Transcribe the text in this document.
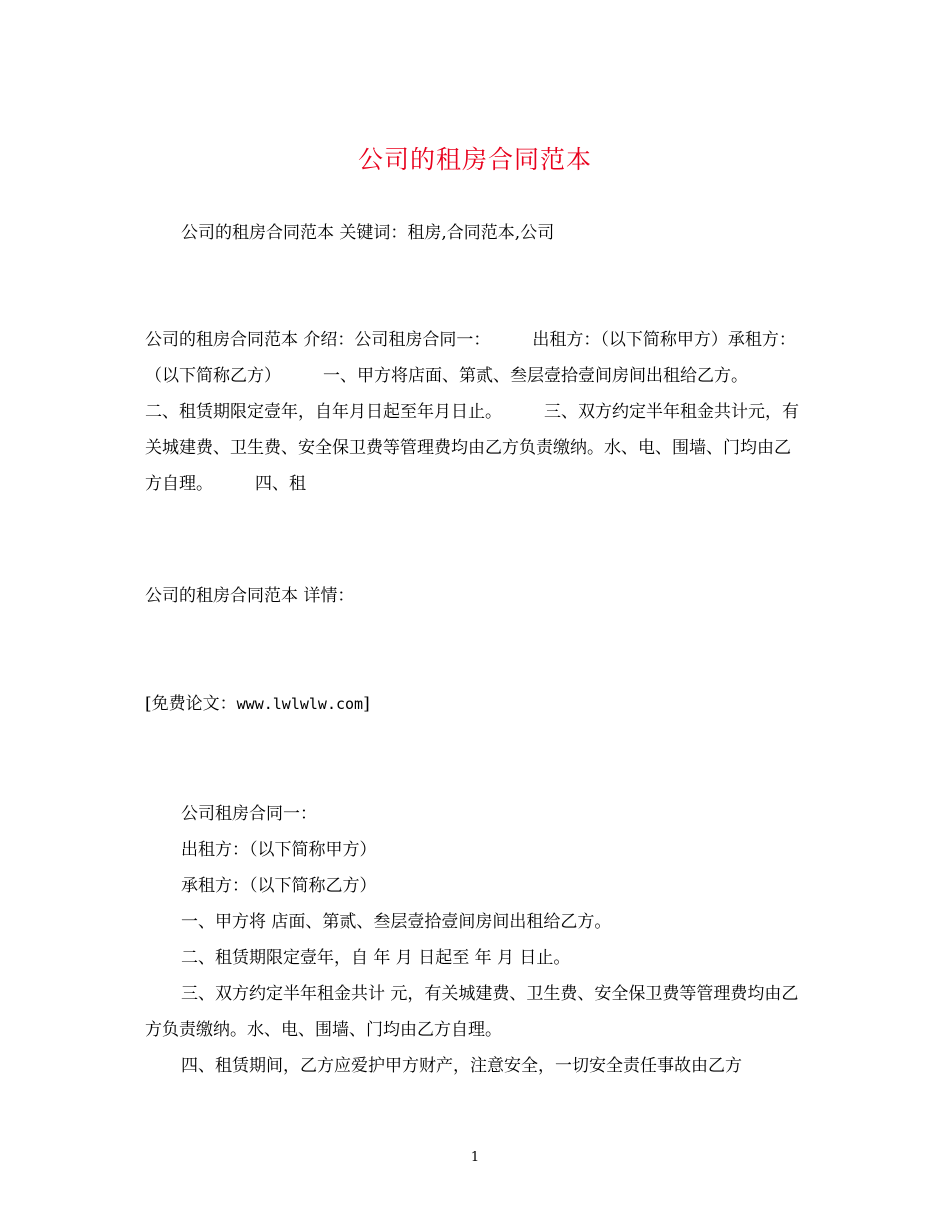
公司的租房合同范本
公司的租房合同范本 关键词：租房,合同范本,公司
公司的租房合同范本 介绍：公司租房合同一： 出租方：（以下简称甲方）承租方：（以下简称乙方） 一、甲方将店面、第贰、叁层壹拾壹间房间出租给乙方。二、租赁期限定壹年，自年月日起至年月日止。 三、双方约定半年租金共计元，有关城建费、卫生费、安全保卫费等管理费均由乙方负责缴纳。水、电、围墙、门均由乙方自理。 四、租
公司的租房合同范本 详情：
[免费论文：www.lwlwlw.com]

公司租房合同一：

出租方：（以下简称甲方）

承租方：（以下简称乙方）

一、甲方将 店面、第贰、叁层壹拾壹间房间出租给乙方。

二、租赁期限定壹年，自 年 月 日起至 年 月 日止。

三、双方约定半年租金共计 元，有关城建费、卫生费、安全保卫费等管理费均由乙方负责缴纳。水、电、围墙、门均由乙方自理。

四、租赁期间，乙方应爱护甲方财产，注意安全，一切安全责任事故由乙方

1
